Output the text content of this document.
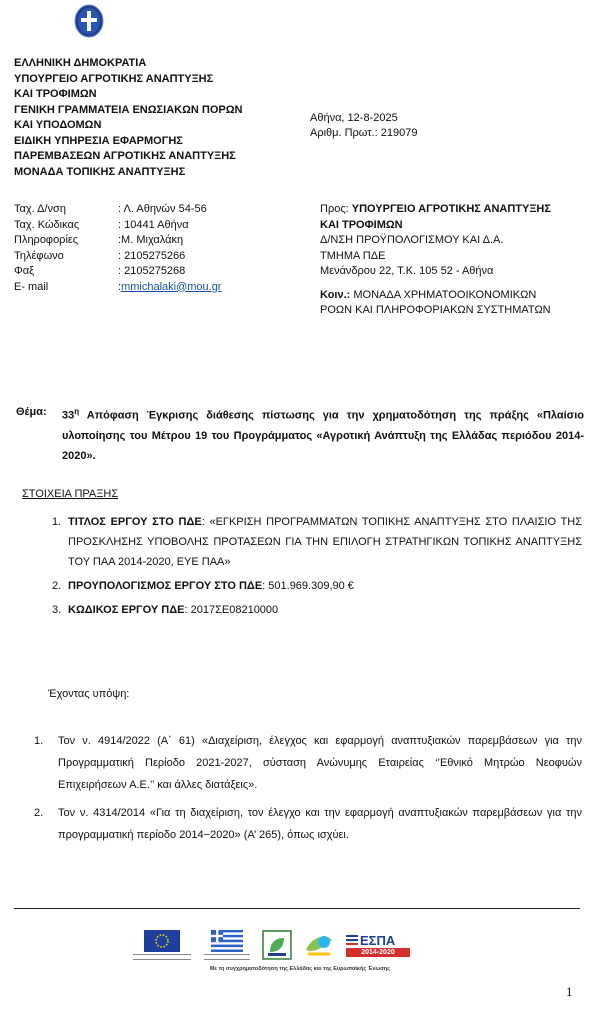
ΕΛΛΗΝΙΚΗ ΔΗΜΟΚΡΑΤΙΑ
ΥΠΟΥΡΓΕΙΟ ΑΓΡΟΤΙΚΗΣ ΑΝΑΠΤΥΞΗΣ
ΚΑΙ ΤΡΟΦΙΜΩΝ
ΓΕΝΙΚΗ ΓΡΑΜΜΑΤΕΙΑ ΕΝΩΣΙΑΚΩΝ ΠΟΡΩΝ
ΚΑΙ ΥΠΟΔΟΜΩΝ
ΕΙΔΙΚΗ ΥΠΗΡΕΣΙΑ ΕΦΑΡΜΟΓΗΣ
ΠΑΡΕΜΒΑΣΕΩΝ ΑΓΡΟΤΙΚΗΣ ΑΝΑΠΤΥΞΗΣ
ΜΟΝΑΔΑ ΤΟΠΙΚΗΣ ΑΝΑΠΤΥΞΗΣ
Αθήνα, 12-8-2025
Αριθμ. Πρωτ.: 219079
Ταχ. Δ/νση	: Λ. Αθηνών 54-56
Ταχ. Κώδικας	: 10441 Αθήνα
Πληροφορίες	:Μ. Μιχαλάκη
Τηλέφωνο	: 2105275266
Φαξ	: 2105275268
E- mail	: mmichalaki@mou.gr
Προς: ΥΠΟΥΡΓΕΙΟ ΑΓΡΟΤΙΚΗΣ ΑΝΑΠΤΥΞΗΣ
ΚΑΙ ΤΡΟΦΙΜΩΝ
Δ/ΝΣΗ ΠΡΟΫΠΟΛΟΓΙΣΜΟΥ ΚΑΙ Δ.Α.
ΤΜΗΜΑ ΠΔΕ
Μενάνδρου 22, Τ.Κ. 105 52 - Αθήνα
Κοιν.: ΜΟΝΑΔΑ ΧΡΗΜΑΤΟΟΙΚΟΝΟΜΙΚΩΝ
ΡΟΩΝ ΚΑΙ ΠΛΗΡΟΦΟΡΙΑΚΩΝ ΣΥΣΤΗΜΑΤΩΝ
Θέμα: $33^\eta$ Απόφαση Έγκρισης διάθεσης πίστωσης για την χρηματοδότηση της πράξης «Πλαίσιο υλοποίησης του Μέτρου 19 του Προγράμματος «Αγροτική Ανάπτυξη της Ελλάδας περιόδου 2014-2020».
ΣΤΟΙΧΕΙΑ ΠΡΑΞΗΣ
1. ΤΙΤΛΟΣ ΕΡΓΟΥ ΣΤΟ ΠΔΕ: «ΕΓΚΡΙΣΗ ΠΡΟΓΡΑΜΜΑΤΩΝ ΤΟΠΙΚΗΣ ΑΝΑΠΤΥΞΗΣ ΣΤΟ ΠΛΑΙΣΙΟ ΤΗΣ ΠΡΟΣΚΛΗΣΗΣ ΥΠΟΒΟΛΗΣ ΠΡΟΤΑΣΕΩΝ ΓΙΑ ΤΗΝ ΕΠΙΛΟΓΗ ΣΤΡΑΤΗΓΙΚΩΝ ΤΟΠΙΚΗΣ ΑΝΑΠΤΥΞΗΣ ΤΟΥ ΠΑΑ 2014-2020, ΕΥΕ ΠΑΑ»
2. ΠΡΟΥΠΟΛΟΓΙΣΜΟΣ ΕΡΓΟΥ ΣΤΟ ΠΔΕ: 501.969.309,90 €
3. ΚΩΔΙΚΟΣ ΕΡΓΟΥ ΠΔΕ: 2017ΣΕ08210000
Έχοντας υπόψη:
1. Τον ν. 4914/2022 (Α΄ 61) «Διαχείριση, έλεγχος και εφαρμογή αναπτυξιακών παρεμβάσεων για την Προγραμματική Περίοδο 2021-2027, σύσταση Ανώνυμης Εταιρείας ‘’Εθνικό Μητρώο Νεοφυών Επιχειρήσεων Α.Ε.’’ και άλλες διατάξεις».
2. Τον ν. 4314/2014 «Για τη διαχείριση, τον έλεγχο και την εφαρμογή αναπτυξιακών παρεμβάσεων για την προγραμματική περίοδο 2014−2020» (Α’ 265), όπως ισχύει.
ΕΣΠΑ
2014-2020
Με τη συγχρηματοδότηση της Ελλάδας και της Ευρωπαϊκής Ένωσης
1
